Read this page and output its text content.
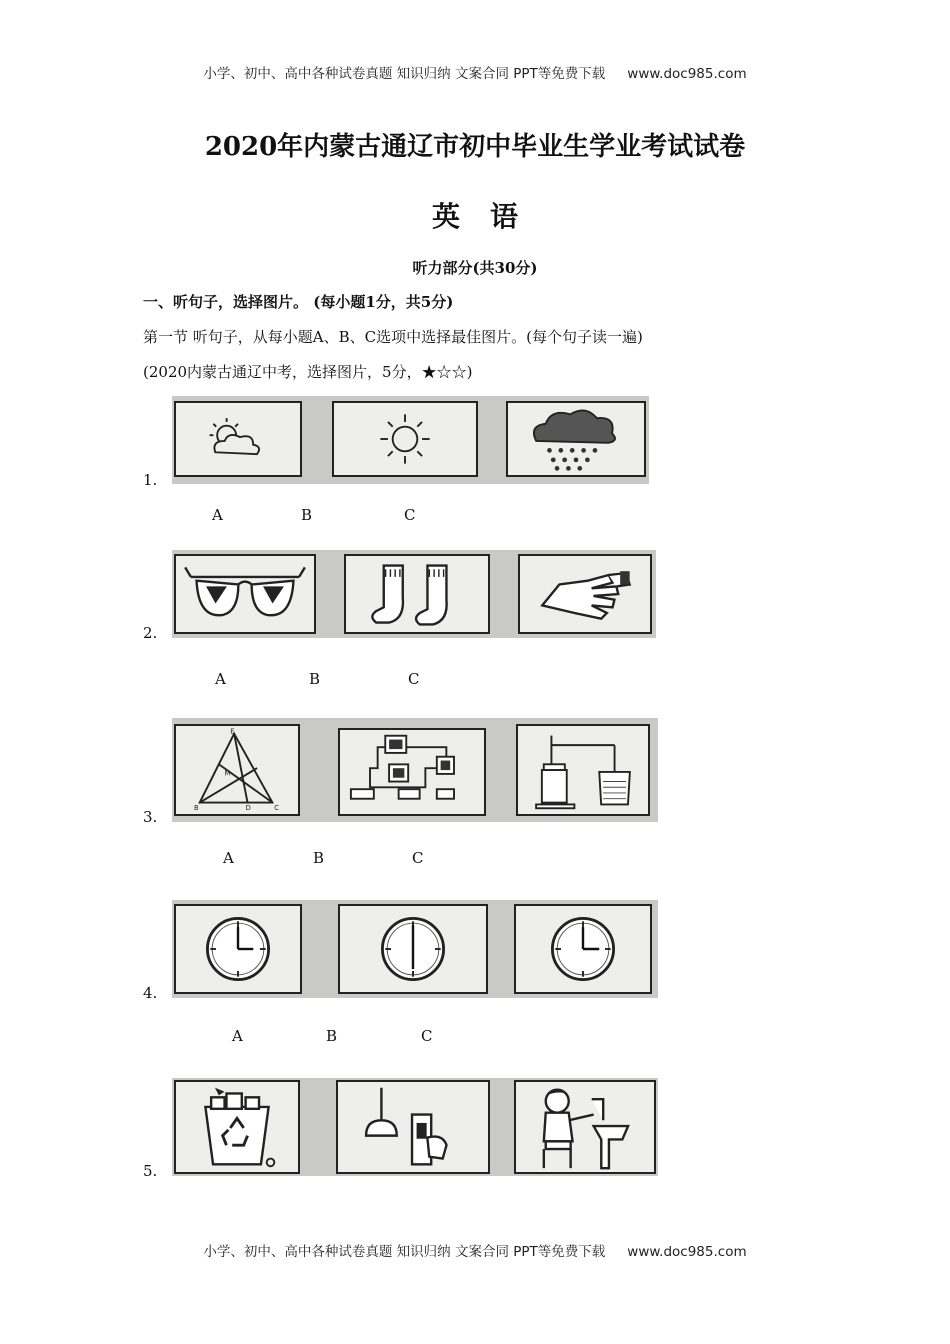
小学、初中、高中各种试卷真题 知识归纳 文案合同 PPT等免费下载 www.doc985.com
2020年内蒙古通辽市初中毕业生学业考试试卷
英语
听力部分(共30分)
一、听句子，选择图片。 (每小题1分，共5分)
第一节 听句子，从每小题A、B、C选项中选择最佳图片。(每个句子读一遍)
(2020内蒙古通辽中考，选择图片，5分，★☆☆)
1.
A	B	C
2.
A	B	C
3.
E
B	C
D
M
A	B	C
4.
A	B	C
5.
小学、初中、高中各种试卷真题 知识归纳 文案合同 PPT等免费下载 www.doc985.com
